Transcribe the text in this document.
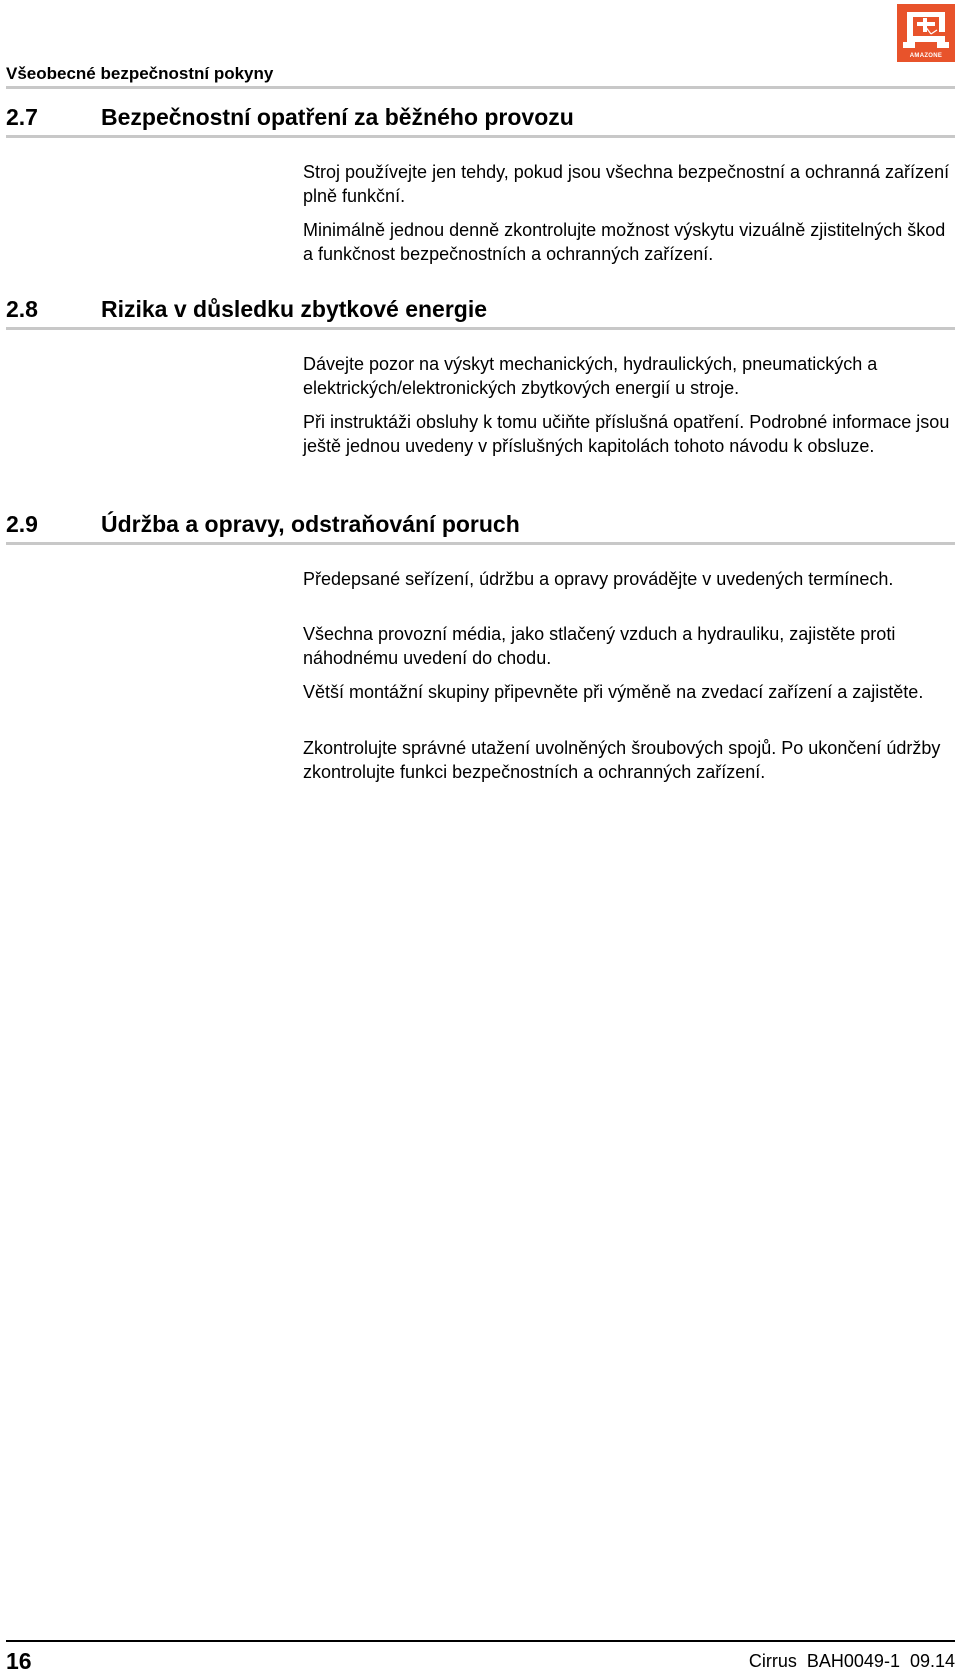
Všeobecné bezpečnostní pokyny
AMAZONE
2.7	Bezpečnostní opatření za běžného provozu
Stroj používejte jen tehdy, pokud jsou všechna bezpečnostní a ochranná zařízení plně funkční.
Minimálně jednou denně zkontrolujte možnost výskytu vizuálně zjistitelných škod a funkčnost bezpečnostních a ochranných zařízení.
2.8	Rizika v důsledku zbytkové energie
Dávejte pozor na výskyt mechanických, hydraulických, pneumatických a elektrických/elektronických zbytkových energií u stroje.
Při instruktáži obsluhy k tomu učiňte příslušná opatření. Podrobné informace jsou ještě jednou uvedeny v příslušných kapitolách tohoto návodu k obsluze.
2.9	Údržba a opravy, odstraňování poruch
Předepsané seřízení, údržbu a opravy provádějte v uvedených termínech.
Všechna provozní média, jako stlačený vzduch a hydrauliku, zajistěte proti náhodnému uvedení do chodu.
Větší montážní skupiny připevněte při výměně na zvedací zařízení a zajistěte.
Zkontrolujte správné utažení uvolněných šroubových spojů. Po ukončení údržby zkontrolujte funkci bezpečnostních a ochranných zařízení.
16	Cirrus  BAH0049-1  09.14
